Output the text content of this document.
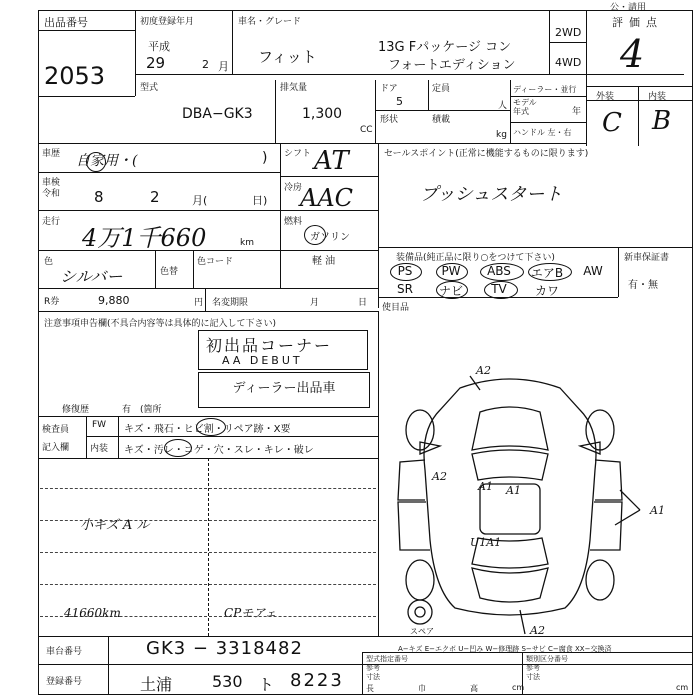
出品番号
2053
初度登録年月
平成
29	2 月
車名・グレード
フィット
13G Fパッケージ コン
フォートエディション
2WD
4WD
評価点
4
公・請用
型式
DBA−GK3
排気量
1,300
CC
ドア
5
定員
人
形状	積載
kg
ディーラー・並行
モデル
年式	年
ハンドル 左・右
外装	内装
C B
車歴 自家用・(	)
車検
令和 8	2	月(	日)
走行
4万1千660	km
色
シルバー	色替
色コード
シフト AT
冷房
AAC
燃料
ガソリン
軽 油
R券	9,880	円 名変期限	月	日
セールスポイント(正常に機能するものに限ります)
プッシュスタート
装備品(純正品に限り○をつけて下さい)	新車保証書
有・無
PS	PW	ABS	エアB	AW
SR	ナビ	TV	カワ
使目品
注意事項申告欄(不具合内容等は具体的に記入して下さい)
初出品コーナー
AA DEBUT
ディーラー出品車
修復歴	有 (箇所
検査員
記入欄
FW キズ・飛石・ヒビ割・リペア跡・X要
内装 キズ・汚レ・コゲ・穴・スレ・キレ・破レ
小キズ A ル
41660km	CPモアェ
A2
A2
A1 A1
A1
U1A1
A2
スペア
A−キズ E−エクボ U−凹み W−修理跡 S−サビ C−腐食 XX−交換済
車台番号	GK3 − 3318482
登録番号	土浦 530 ト 8223
型式指定番号
参考
寸法
類別区分番号
参考
寸法
長	巾	高	cm	cm
